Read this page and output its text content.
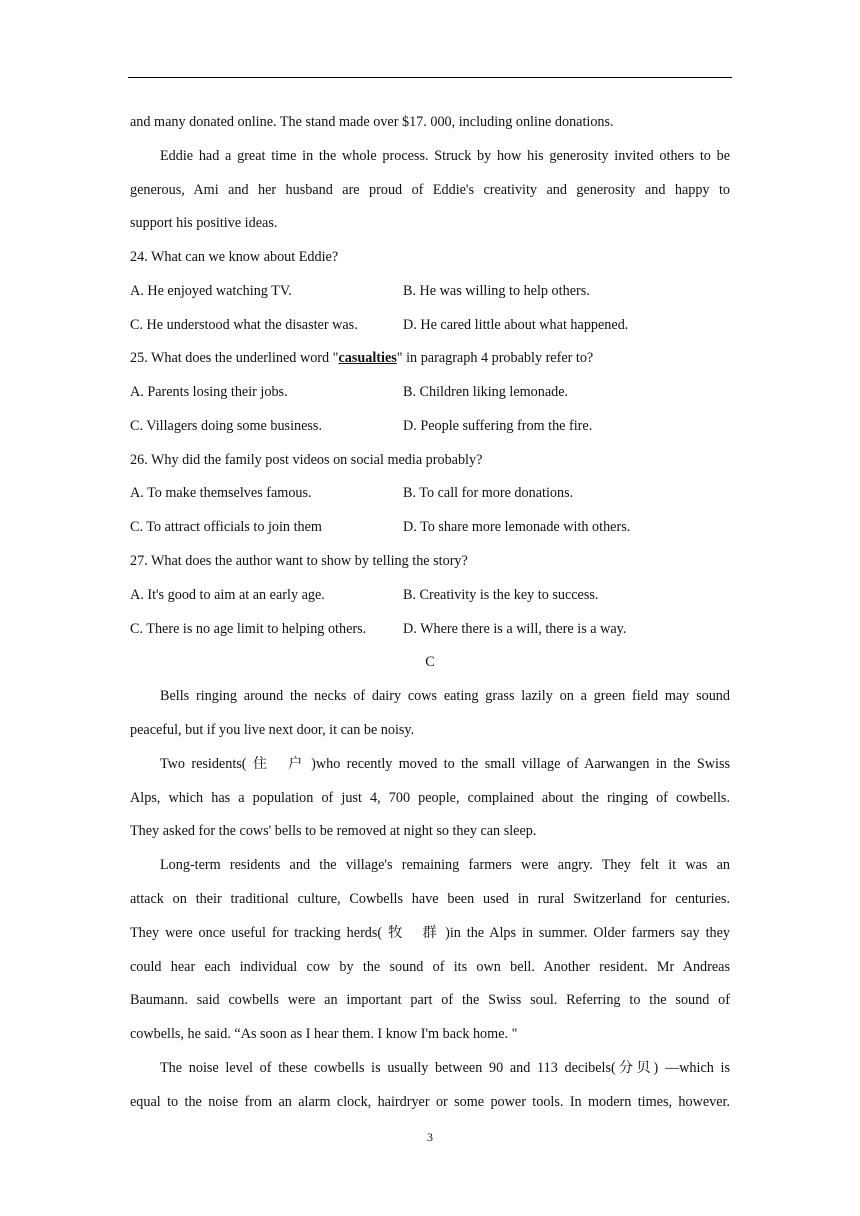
and many donated online. The stand made over $17. 000, including online donations.
Eddie had a great time in the whole process. Struck by how his generosity invited others to be
generous, Ami and her husband are proud of Eddie's creativity and generosity and happy to
support his positive ideas.
24. What can we know about Eddie?
A. He enjoyed watching TV.	B. He was willing to help others.
C. He understood what the disaster was.	D. He cared little about what happened.
25. What does the underlined word "casualties" in paragraph 4 probably refer to?
A. Parents losing their jobs.	B. Children liking lemonade.
C. Villagers doing some business.	D. People suffering from the fire.
26. Why did the family post videos on social media probably?
A. To make themselves famous.	B. To call for more donations.
C. To attract officials to join them	D. To share more lemonade with others.
27. What does the author want to show by telling the story?
A. It's good to aim at an early age.	B. Creativity is the key to success.
C. There is no age limit to helping others.	D. Where there is a will, there is a way.
C
Bells ringing around the necks of dairy cows eating grass lazily on a green field may sound
peaceful, but if you live next door, it can be noisy.
Two residents( 住 户)who recently moved to the small village of Aarwangen in the Swiss
Alps, which has a population of just 4, 700 people, complained about the ringing of cowbells.
They asked for the cows' bells to be removed at night so they can sleep.
Long-term residents and the village's remaining farmers were angry. They felt it was an
attack on their traditional culture, Cowbells have been used in rural Switzerland for centuries.
They were once useful for tracking herds( 牧 群)in the Alps in summer. Older farmers say they
could hear each individual cow by the sound of its own bell. Another resident. Mr Andreas
Baumann. said cowbells were an important part of the Swiss soul. Referring to the sound of
cowbells, he said. “As soon as I hear them. I know I'm back home. "
The noise level of these cowbells is usually between 90 and 113 decibels(分贝) —which is
equal to the noise from an alarm clock, hairdryer or some power tools. In modern times, however.
3
